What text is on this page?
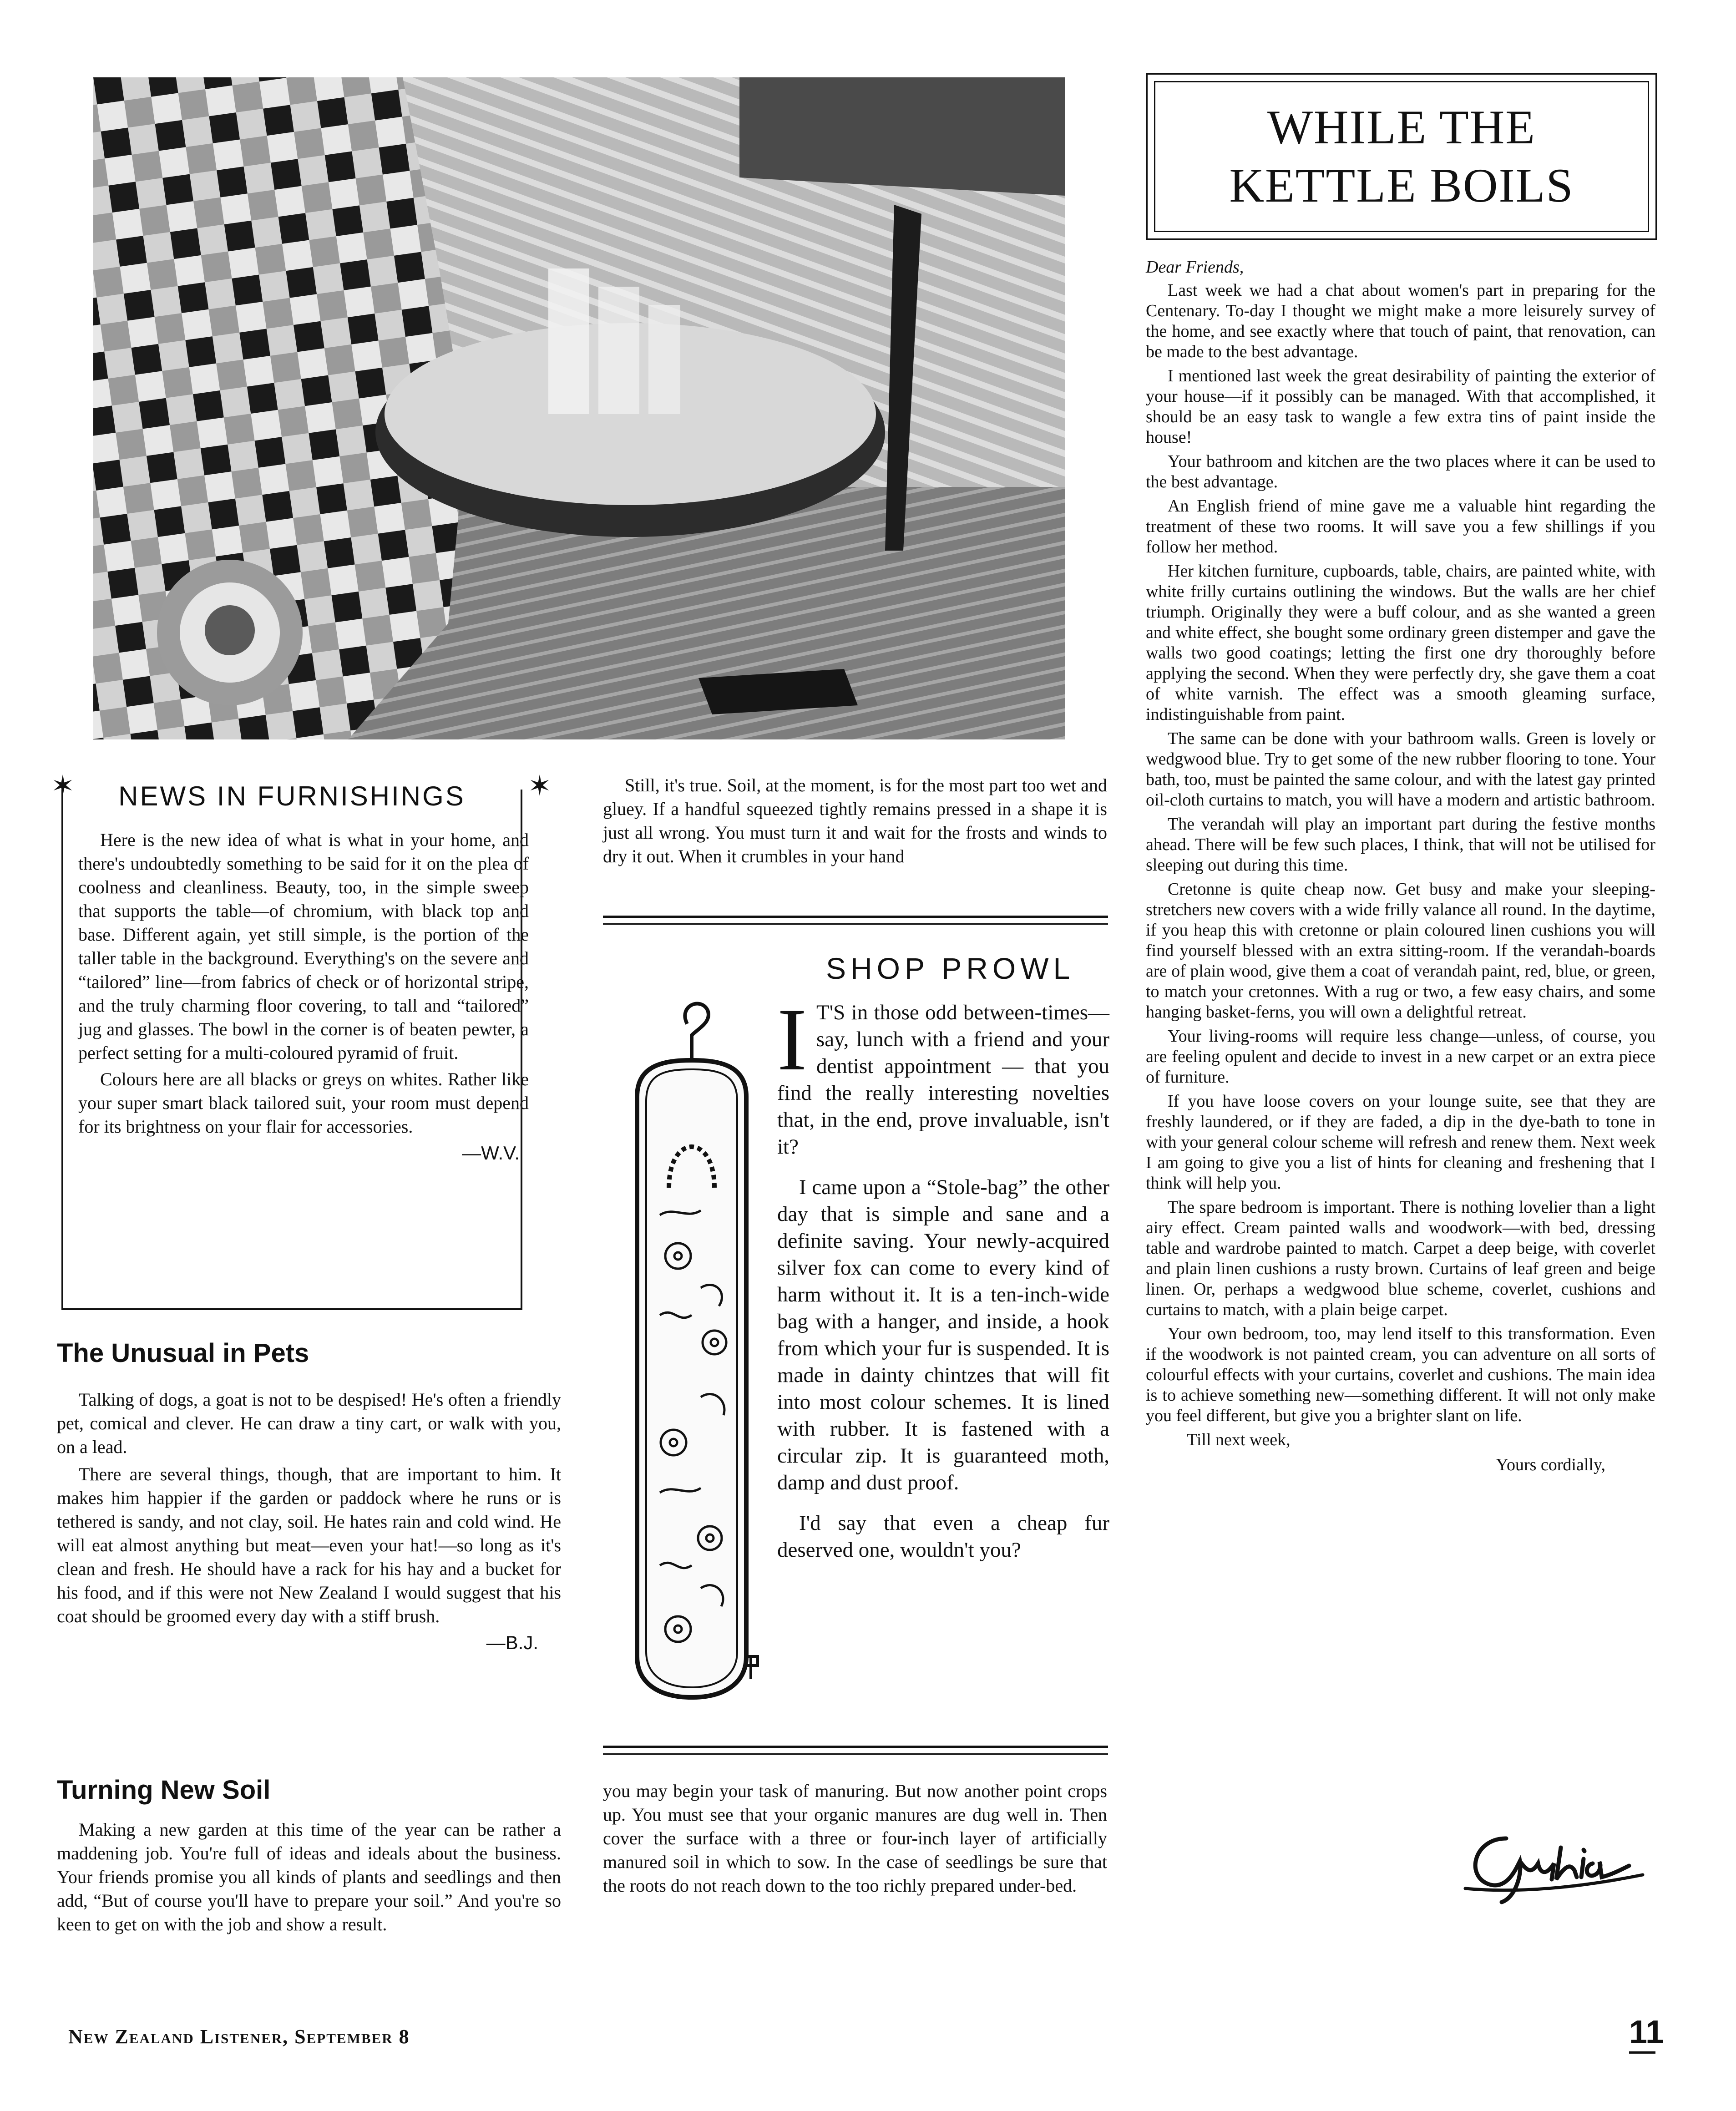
WHILE THE
KETTLE BOILS

Dear Friends,

Last week we had a chat about women's part in preparing for the Centenary. To-day I thought we might make a more leisurely survey of the home, and see exactly where that touch of paint, that renovation, can be made to the best advantage.

I mentioned last week the great desirability of painting the exterior of your house—if it possibly can be managed. With that accomplished, it should be an easy task to wangle a few extra tins of paint inside the house!

Your bathroom and kitchen are the two places where it can be used to the best advantage.

An English friend of mine gave me a valuable hint regarding the treatment of these two rooms. It will save you a few shillings if you follow her method.

Her kitchen furniture, cupboards, table, chairs, are painted white, with white frilly curtains outlining the windows. But the walls are her chief triumph. Originally they were a buff colour, and as she wanted a green and white effect, she bought some ordinary green distemper and gave the walls two good coatings; letting the first one dry thoroughly before applying the second. When they were perfectly dry, she gave them a coat of white varnish. The effect was a smooth gleaming surface, indistinguishable from paint.

The same can be done with your bathroom walls. Green is lovely or wedgwood blue. Try to get some of the new rubber flooring to tone. Your bath, too, must be painted the same colour, and with the latest gay printed oil-cloth curtains to match, you will have a modern and artistic bathroom.

The verandah will play an important part during the festive months ahead. There will be few such places, I think, that will not be utilised for sleeping out during this time.

Cretonne is quite cheap now. Get busy and make your sleeping-stretchers new covers with a wide frilly valance all round. In the daytime, if you heap this with cretonne or plain coloured linen cushions you will find yourself blessed with an extra sitting-room. If the verandah-boards are of plain wood, give them a coat of verandah paint, red, blue, or green, to match your cretonnes. With a rug or two, a few easy chairs, and some hanging basket-ferns, you will own a delightful retreat.

Your living-rooms will require less change—unless, of course, you are feeling opulent and decide to invest in a new carpet or an extra piece of furniture.

If you have loose covers on your lounge suite, see that they are freshly laundered, or if they are faded, a dip in the dye-bath to tone in with your general colour scheme will refresh and renew them. Next week I am going to give you a list of hints for cleaning and freshening that I think will help you.

The spare bedroom is important. There is nothing lovelier than a light airy effect. Cream painted walls and woodwork—with bed, dressing table and wardrobe painted to match. Carpet a deep beige, with coverlet and plain linen cushions a rusty brown. Curtains of leaf green and beige linen. Or, perhaps a wedgwood blue scheme, coverlet, cushions and curtains to match, with a plain beige carpet.

Your own bedroom, too, may lend itself to this transformation. Even if the woodwork is not painted cream, you can adventure on all sorts of colourful effects with your curtains, coverlet and cushions. The main idea is to achieve something new—something different. It will not only make you feel different, but give you a brighter slant on life.

Till next week,

Yours cordially,
✶	✶
NEWS IN FURNISHINGS

Here is the new idea of what is what in your home, and there's undoubtedly something to be said for it on the plea of coolness and cleanliness. Beauty, too, in the simple sweep that supports the table—of chromium, with black top and base. Different again, yet still simple, is the portion of the taller table in the background. Everything's on the severe and “tailored” line—from fabrics of check or of horizontal stripe, and the truly charming floor covering, to tall and “tailored” jug and glasses. The bowl in the corner is of beaten pewter, a perfect setting for a multi-coloured pyramid of fruit.

Colours here are all blacks or greys on whites. Rather like your super smart black tailored suit, your room must depend for its brightness on your flair for accessories.

—W.V.
The Unusual in Pets

Talking of dogs, a goat is not to be despised! He's often a friendly pet, comical and clever. He can draw a tiny cart, or walk with you, on a lead.

There are several things, though, that are important to him. It makes him happier if the garden or paddock where he runs or is tethered is sandy, and not clay, soil. He hates rain and cold wind. He will eat almost anything but meat—even your hat!—so long as it's clean and fresh. He should have a rack for his hay and a bucket for his food, and if this were not New Zealand I would suggest that his coat should be groomed every day with a stiff brush.

—B.J.
Turning New Soil

Making a new garden at this time of the year can be rather a maddening job. You're full of ideas and ideals about the business. Your friends promise you all kinds of plants and seedlings and then add, “But of course you'll have to prepare your soil.” And you're so keen to get on with the job and show a result.

Still, it's true. Soil, at the moment, is for the most part too wet and gluey. If a handful squeezed tightly remains pressed in a shape it is just all wrong. You must turn it and wait for the frosts and winds to dry it out. When it crumbles in your hand

SHOP PROWL
I T'S in those odd between-times—say, lunch with a friend and your dentist appointment — that you find the really interesting novelties that, in the end, prove invaluable, isn't it?

I came upon a “Stole-bag” the other day that is simple and sane and a definite saving. Your newly-acquired silver fox can come to every kind of harm without it. It is a ten-inch-wide bag with a hanger, and inside, a hook from which your fur is suspended. It is made in dainty chintzes that will fit into most colour schemes. It is lined with rubber. It is fastened with a circular zip. It is guaranteed moth, damp and dust proof.

I'd say that even a cheap fur deserved one, wouldn't you?

you may begin your task of manuring. But now another point crops up. You must see that your organic manures are dug well in. Then cover the surface with a three or four-inch layer of artificially manured soil in which to sow. In the case of seedlings be sure that the roots do not reach down to the too richly prepared under-bed.

New Zealand Listener, September 8	11
